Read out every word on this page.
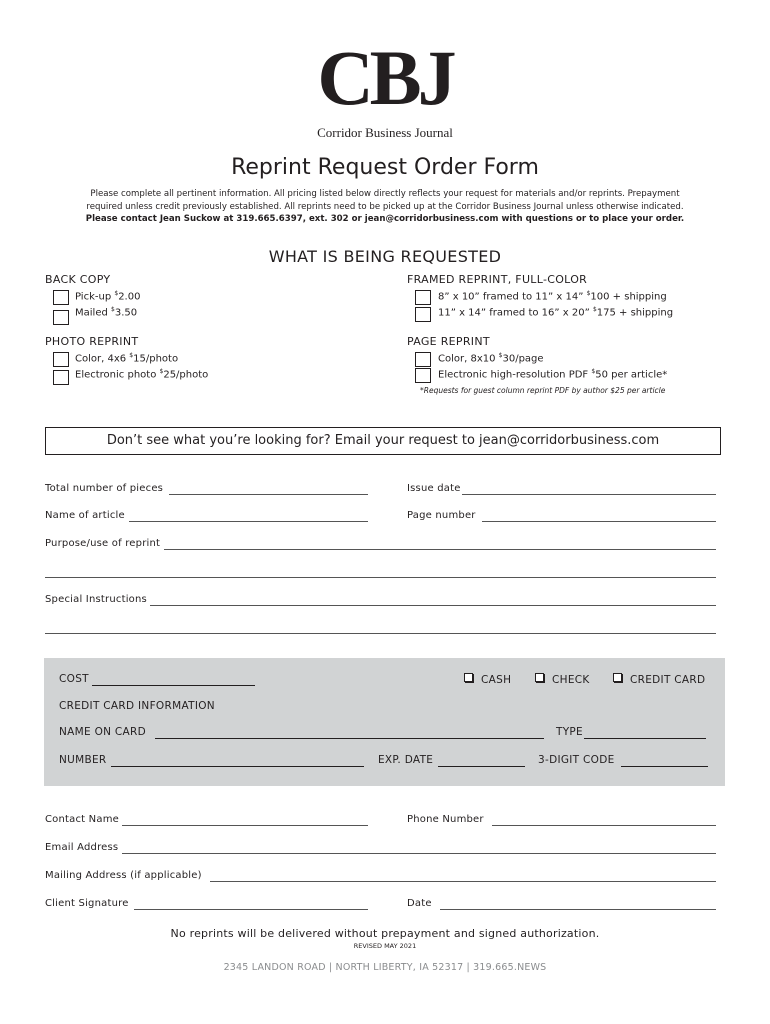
CBJ
Corridor Business Journal
Reprint Request Order Form
Please complete all pertinent information. All pricing listed below directly reflects your request for materials and/or reprints. Prepayment
required unless credit previously established. All reprints need to be picked up at the Corridor Business Journal unless otherwise indicated.
Please contact Jean Suckow at 319.665.6397, ext. 302 or jean@corridorbusiness.com with questions or to place your order.
WHAT IS BEING REQUESTED
BACK COPY
Pick-up $2.00
Mailed $3.50
FRAMED REPRINT, FULL-COLOR
8” x 10” framed to 11” x 14” $100 + shipping
11” x 14” framed to 16” x 20” $175 + shipping
PHOTO REPRINT
Color, 4x6 $15/photo
Electronic photo $25/photo
PAGE REPRINT
Color, 8x10 $30/page
Electronic high-resolution PDF $50 per article*
*Requests for guest column reprint PDF by author $25 per article
Don’t see what you’re looking for? Email your request to jean@corridorbusiness.com
Total number of pieces	Issue date
Name of article	Page number
Purpose/use of reprint
Special Instructions
COST	CASH	CHECK	CREDIT CARD
CREDIT CARD INFORMATION
NAME ON CARD	TYPE
NUMBER	EXP. DATE	3-DIGIT CODE
Contact Name	Phone Number
Email Address
Mailing Address (if applicable)
Client Signature	Date
No reprints will be delivered without prepayment and signed authorization.
REVISED MAY 2021
2345 LANDON ROAD | NORTH LIBERTY, IA 52317 | 319.665.NEWS
